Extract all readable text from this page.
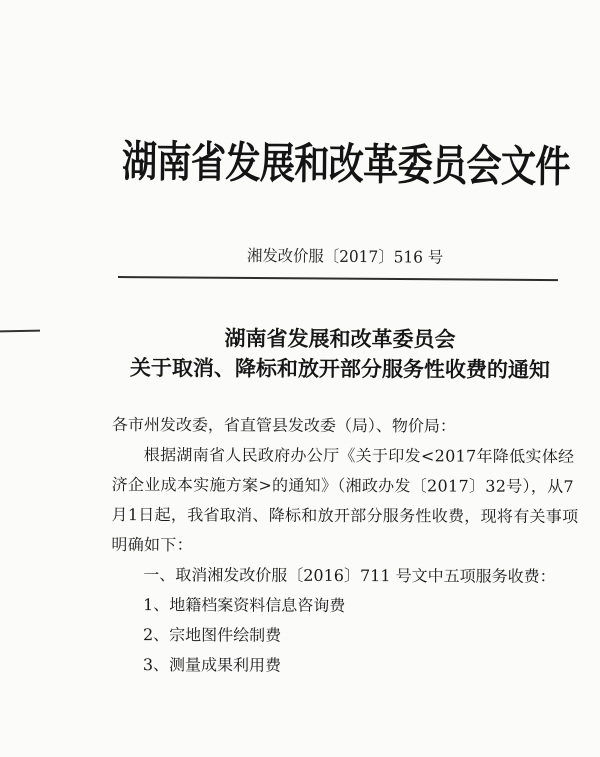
湖南省发展和改革委员会文件
湘发改价服〔2017〕516 号
湖南省发展和改革委员会
关于取消、降标和放开部分服务性收费的通知
各市州发改委，省直管县发改委（局）、物价局：
根据湖南省人民政府办公厅《关于印发<2017年降低实体经济企业成本实施方案>的通知》（湘政办发〔2017〕32号），从7月1日起，我省取消、降标和放开部分服务性收费，现将有关事项明确如下：
一、取消湘发改价服〔2016〕711 号文中五项服务收费：
1、地籍档案资料信息咨询费
2、宗地图件绘制费
3、测量成果利用费
